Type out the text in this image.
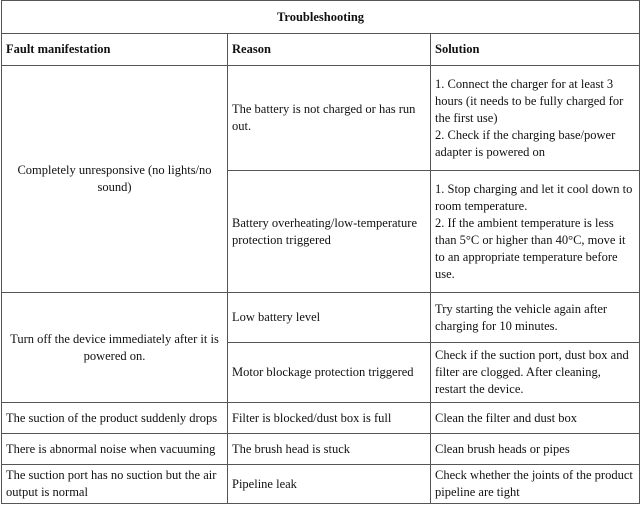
Troubleshooting		
Fault manifestation	Reason	Solution
Completely unresponsive (no lights/no sound)	The battery is not charged or has run out.	1. Connect the charger for at least 3 hours (it needs to be fully charged for the first use)
2. Check if the charging base/power adapter is powered on
	Battery overheating/low-temperature protection triggered	1. Stop charging and let it cool down to room temperature.
2. If the ambient temperature is less than 5°C or higher than 40°C, move it to an appropriate temperature before use.
Turn off the device immediately after it is powered on.	Low battery level	Try starting the vehicle again after charging for 10 minutes.
	Motor blockage protection triggered	Check if the suction port, dust box and filter are clogged. After cleaning, restart the device.
The suction of the product suddenly drops	Filter is blocked/dust box is full	Clean the filter and dust box
There is abnormal noise when vacuuming	The brush head is stuck	Clean brush heads or pipes
The suction port has no suction but the air output is normal	Pipeline leak	Check whether the joints of the product pipeline are tight
